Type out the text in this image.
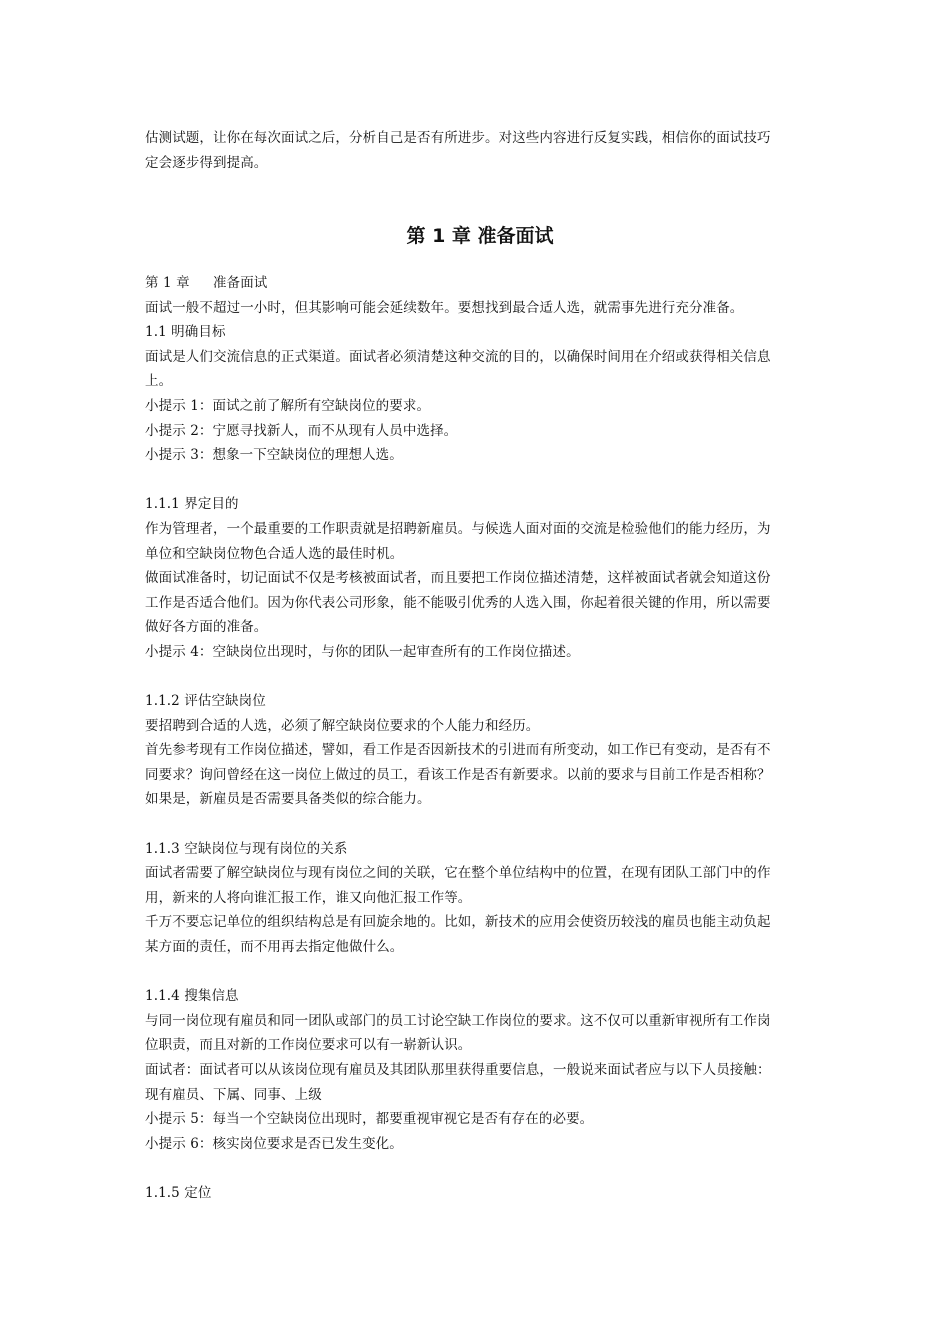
估测试题，让你在每次面试之后，分析自己是否有所进步。对这些内容进行反复实践，相信你的面试技巧
定会逐步得到提高。
第 1 章 准备面试
第 1 章 准备面试
面试一般不超过一小时，但其影响可能会延续数年。要想找到最合适人选，就需事先进行充分准备。
1.1 明确目标
面试是人们交流信息的正式渠道。面试者必须清楚这种交流的目的，以确保时间用在介绍或获得相关信息
上。
小提示 1：面试之前了解所有空缺岗位的要求。
小提示 2：宁愿寻找新人，而不从现有人员中选择。
小提示 3：想象一下空缺岗位的理想人选。
1.1.1 界定目的
作为管理者，一个最重要的工作职责就是招聘新雇员。与候选人面对面的交流是检验他们的能力经历，为
单位和空缺岗位物色合适人选的最佳时机。
做面试准备时，切记面试不仅是考核被面试者，而且要把工作岗位描述清楚，这样被面试者就会知道这份
工作是否适合他们。因为你代表公司形象，能不能吸引优秀的人选入围，你起着很关键的作用，所以需要
做好各方面的准备。
小提示 4：空缺岗位出现时，与你的团队一起审查所有的工作岗位描述。
1.1.2 评估空缺岗位
要招聘到合适的人选，必须了解空缺岗位要求的个人能力和经历。
首先参考现有工作岗位描述，譬如，看工作是否因新技术的引进而有所变动，如工作已有变动，是否有不
同要求？询问曾经在这一岗位上做过的员工，看该工作是否有新要求。以前的要求与目前工作是否相称？
如果是，新雇员是否需要具备类似的综合能力。
1.1.3 空缺岗位与现有岗位的关系
面试者需要了解空缺岗位与现有岗位之间的关联，它在整个单位结构中的位置，在现有团队工部门中的作
用，新来的人将向谁汇报工作，谁又向他汇报工作等。
千万不要忘记单位的组织结构总是有回旋余地的。比如，新技术的应用会使资历较浅的雇员也能主动负起
某方面的责任，而不用再去指定他做什么。
1.1.4 搜集信息
与同一岗位现有雇员和同一团队或部门的员工讨论空缺工作岗位的要求。这不仅可以重新审视所有工作岗
位职责，而且对新的工作岗位要求可以有一崭新认识。
面试者：面试者可以从该岗位现有雇员及其团队那里获得重要信息，一般说来面试者应与以下人员接触：
现有雇员、下属、同事、上级
小提示 5：每当一个空缺岗位出现时，都要重视审视它是否有存在的必要。
小提示 6：核实岗位要求是否已发生变化。
1.1.5 定位
